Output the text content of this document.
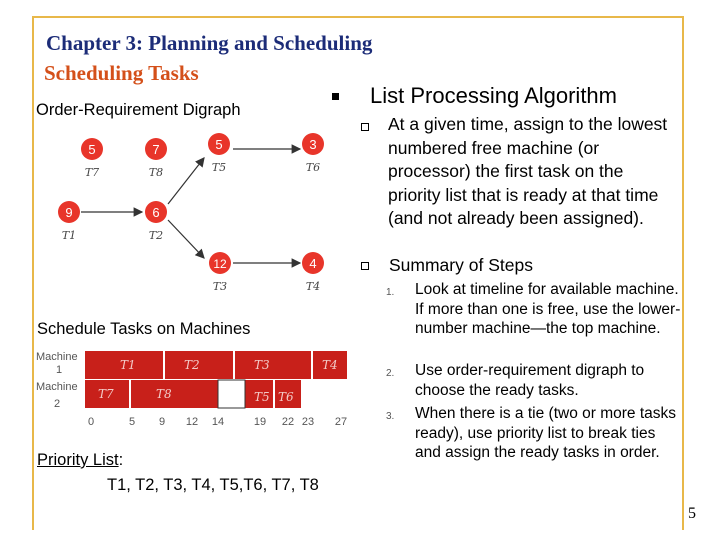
Chapter 3: Planning and Scheduling
Scheduling Tasks
Order-Requirement Digraph
5
T7
7
T8
5
T5
3
T6
9
T1
6
T2
12
T3
4
T4
Schedule Tasks on Machines
Machine
1
Machine
2
T1	T2	T3	T4
T7	T8	T5 T6
0	5 9 12 14	19 22 23 27
Priority List:
T1, T2, T3, T4, T5,T6, T7, T8
List Processing Algorithm
At a given time, assign to the lowest numbered free machine (or processor) the first task on the priority list that is ready at that time (and not already been assigned).
Summary of Steps
1. Look at timeline for available machine. If more than one is free, use the lower-number machine—the top machine.
2. Use order-requirement digraph to choose the ready tasks.
3. When there is a tie (two or more tasks ready), use priority list to break ties and assign the ready tasks in order.
5
